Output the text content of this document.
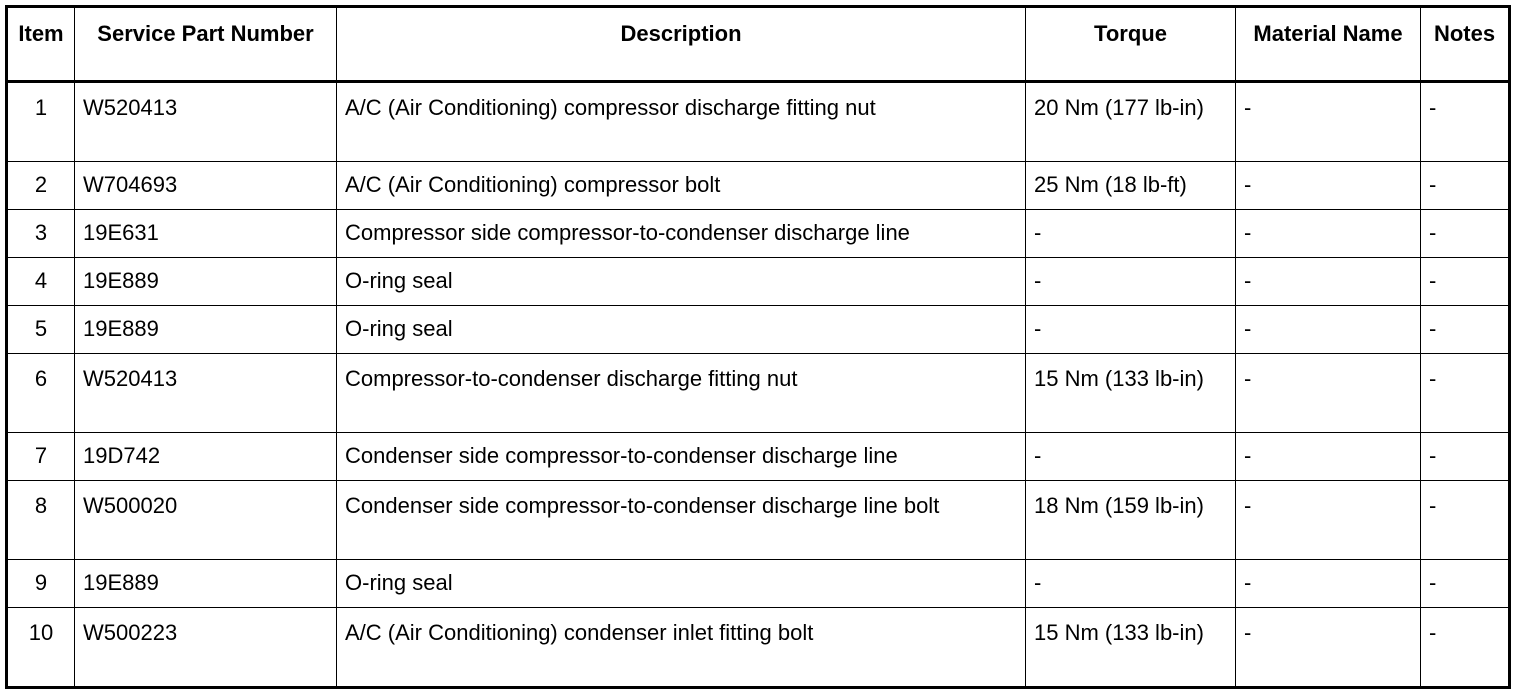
Item	Service Part Number	Description	Torque	Material Name	Notes
1	W520413	A/C (Air Conditioning) compressor discharge fitting nut	20 Nm (177 lb-in)	-	-
2	W704693	A/C (Air Conditioning) compressor bolt	25 Nm (18 lb-ft)	-	-
3	19E631	Compressor side compressor-to-condenser discharge line	-	-	-
4	19E889	O-ring seal	-	-	-
5	19E889	O-ring seal	-	-	-
6	W520413	Compressor-to-condenser discharge fitting nut	15 Nm (133 lb-in)	-	-
7	19D742	Condenser side compressor-to-condenser discharge line	-	-	-
8	W500020	Condenser side compressor-to-condenser discharge line bolt	18 Nm (159 lb-in)	-	-
9	19E889	O-ring seal	-	-	-
10	W500223	A/C (Air Conditioning) condenser inlet fitting bolt	15 Nm (133 lb-in)	-	-
